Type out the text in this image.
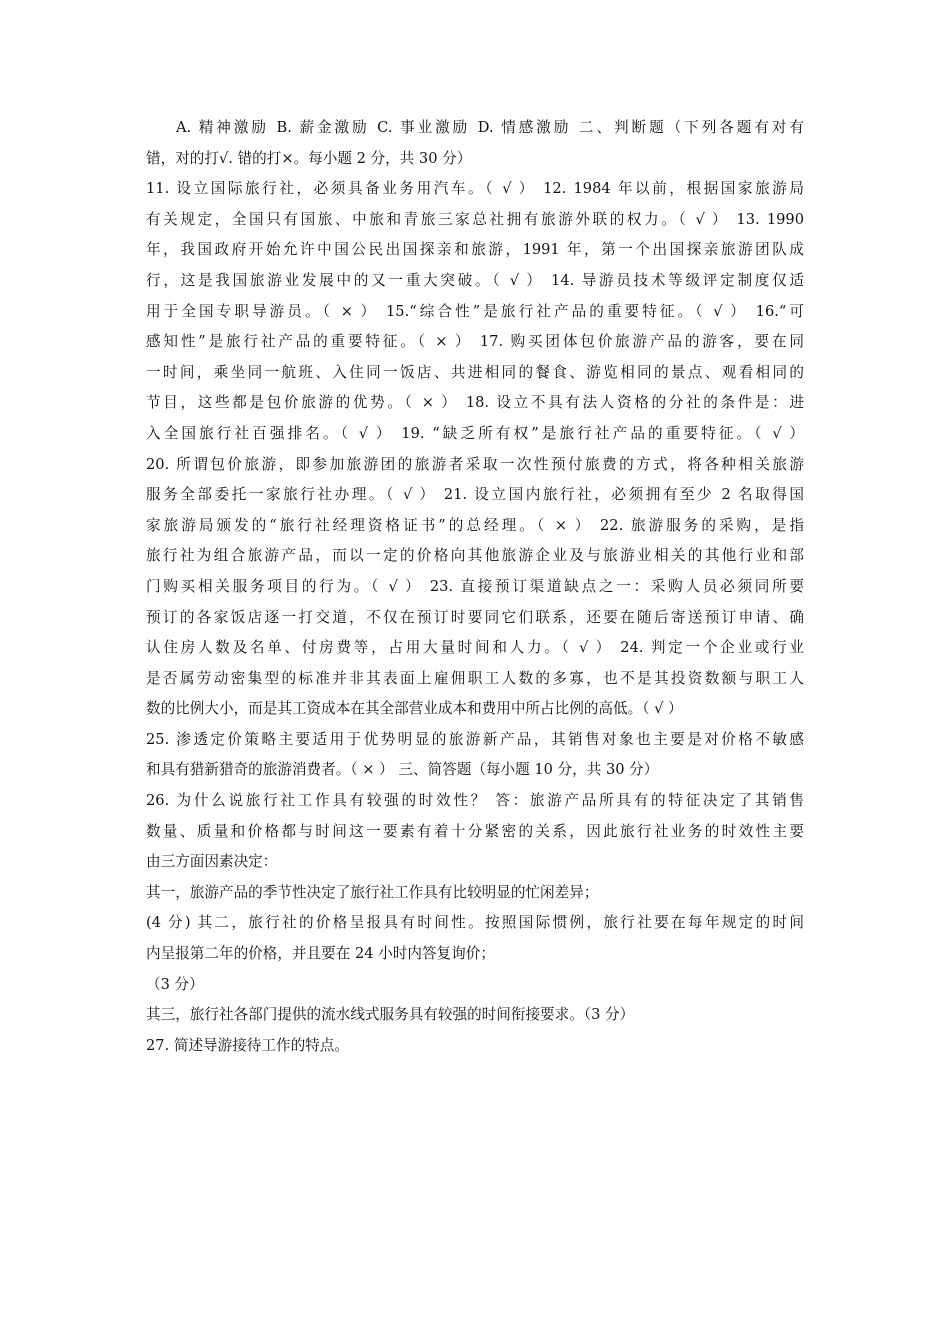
A. 精神激励 B. 薪金激励 C. 事业激励 D. 情感激励 二、判断题（下列各题有对有
错，对的打√. 错的打×。每小题 2 分，共 30 分）
11. 设立国际旅行社，必须具备业务用汽车。（ √ ） 12. 1984 年以前，根据国家旅游局
有关规定，全国只有国旅、中旅和青旅三家总社拥有旅游外联的权力。（ √ ） 13. 1990
年，我国政府开始允许中国公民出国探亲和旅游，1991 年，第一个出国探亲旅游团队成
行，这是我国旅游业发展中的又一重大突破。（ √ ） 14. 导游员技术等级评定制度仅适
用于全国专职导游员。（ × ） 15.“综合性”是旅行社产品的重要特征。（ √ ） 16.“可
感知性”是旅行社产品的重要特征。（ × ） 17. 购买团体包价旅游产品的游客，要在同
一时间，乘坐同一航班、入住同一饭店、共进相同的餐食、游览相同的景点、观看相同的
节目，这些都是包价旅游的优势。（ × ） 18. 设立不具有法人资格的分社的条件是：进
入全国旅行社百强排名。（ √ ） 19. “缺乏所有权”是旅行社产品的重要特征。（ √ ）
20. 所谓包价旅游，即参加旅游团的旅游者采取一次性预付旅费的方式，将各种相关旅游
服务全部委托一家旅行社办理。（ √ ） 21. 设立国内旅行社，必须拥有至少 2 名取得国
家旅游局颁发的“旅行社经理资格证书”的总经理。（ × ） 22. 旅游服务的采购，是指
旅行社为组合旅游产品，而以一定的价格向其他旅游企业及与旅游业相关的其他行业和部
门购买相关服务项目的行为。（ √ ） 23. 直接预订渠道缺点之一：采购人员必须同所要
预订的各家饭店逐一打交道，不仅在预订时要同它们联系，还要在随后寄送预订申请、确
认住房人数及名单、付房费等，占用大量时间和人力。（ √ ） 24. 判定一个企业或行业
是否属劳动密集型的标准并非其表面上雇佣职工人数的多寡，也不是其投资数额与职工人
数的比例大小，而是其工资成本在其全部营业成本和费用中所占比例的高低。（ √ ）
25. 渗透定价策略主要适用于优势明显的旅游新产品，其销售对象也主要是对价格不敏感
和具有猎新猎奇的旅游消费者。（ × ） 三、简答题（每小题 10 分，共 30 分）
26. 为什么说旅行社工作具有较强的时效性？ 答：旅游产品所具有的特征决定了其销售
数量、质量和价格都与时间这一要素有着十分紧密的关系，因此旅行社业务的时效性主要
由三方面因素决定：
其一，旅游产品的季节性决定了旅行社工作具有比较明显的忙闲差异；
(4 分) 其二，旅行社的价格呈报具有时间性。按照国际惯例，旅行社要在每年规定的时间
内呈报第二年的价格，并且要在 24 小时内答复询价；
（3 分）
其三，旅行社各部门提供的流水线式服务具有较强的时间衔接要求。（3 分）
27. 简述导游接待工作的特点。
